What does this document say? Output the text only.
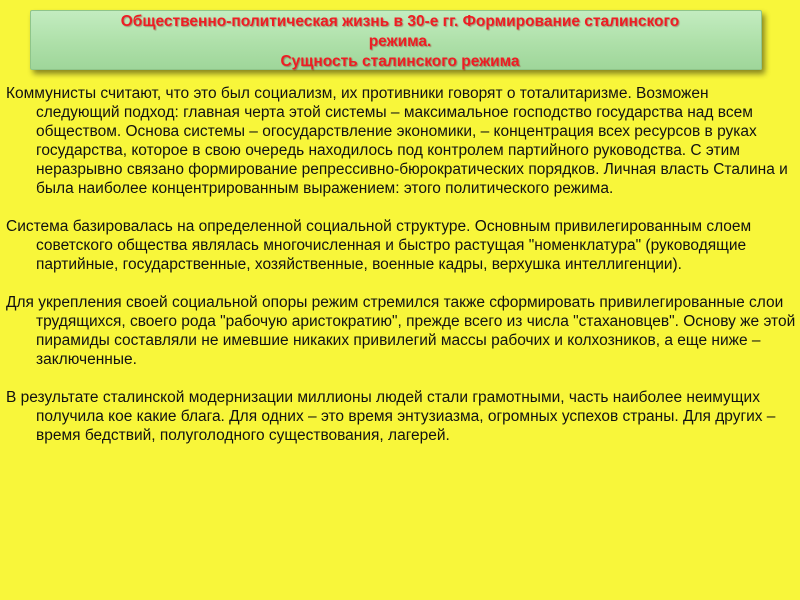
Общественно-политическая жизнь в 30-е гг. Формирование сталинского
режима.
Сущность сталинского режима

Коммунисты считают, что это был социализм, их противники говорят о тоталитаризме. Возможен следующий подход: главная черта этой системы – максимальное господство государства над всем обществом. Основа системы – огосударствление экономики, – концентрация всех ресурсов в руках государства, которое в свою очередь находилось под контролем партийного руководства. С этим неразрывно связано формирование репрессивно-бюрократических порядков. Личная власть Сталина и была наиболее концентрированным выражением: этого политического режима.

Система базировалась на определенной социальной структуре. Основным привилегированным слоем советского общества являлась многочисленная и быстро растущая "номенклатура" (руководящие партийные, государственные, хозяйственные, военные кадры, верхушка интеллигенции).

Для укрепления своей социальной опоры режим стремился также сформировать привилегированные слои трудящихся, своего рода "рабочую аристократию", прежде всего из числа "стахановцев". Основу же этой пирамиды составляли не имевшие никаких привилегий массы рабочих и колхозников, а еще ниже – заключенные.

В результате сталинской модернизации миллионы людей стали грамотными, часть наиболее неимущих получила кое какие блага. Для одних – это время энтузиазма, огромных успехов страны. Для других – время бедствий, полуголодного существования, лагерей.
